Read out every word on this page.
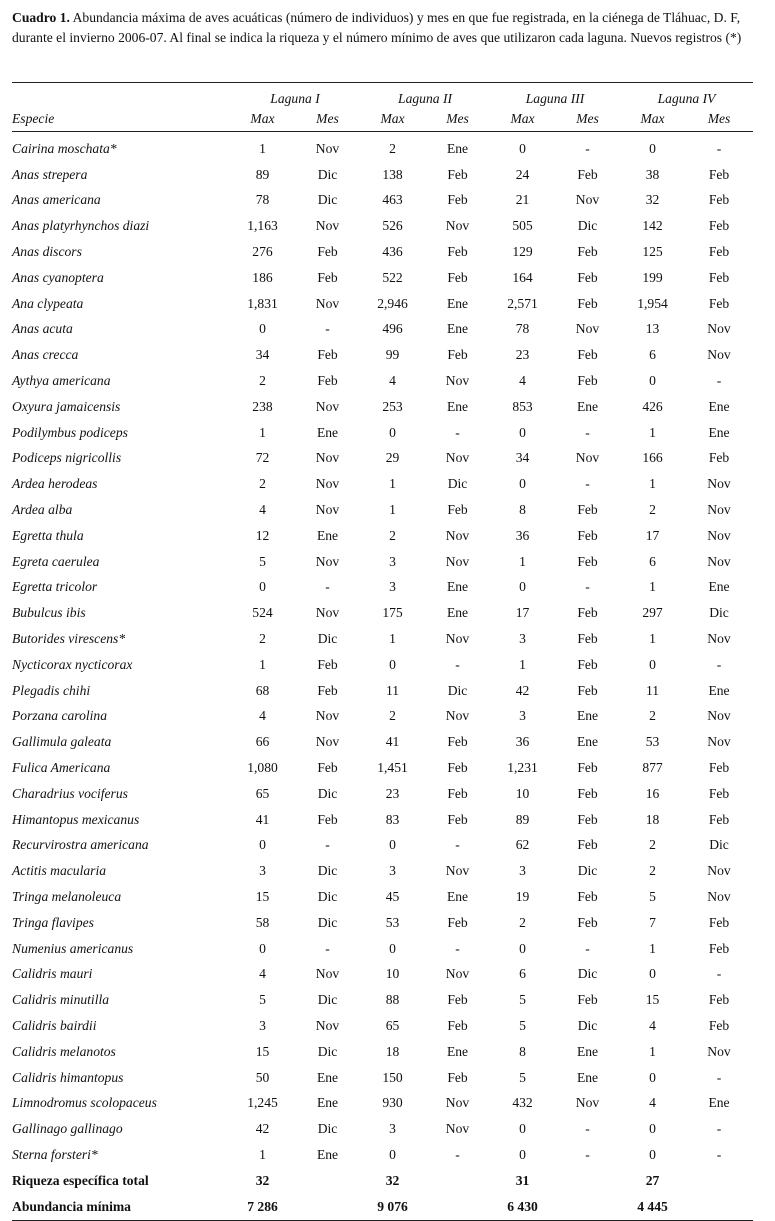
Cuadro 1. Abundancia máxima de aves acuáticas (número de individuos) y mes en que fue registrada, en la ciénega de Tláhuac, D. F, durante el invierno 2006-07. Al final se indica la riqueza y el número mínimo de aves que utilizaron cada laguna. Nuevos registros (*)
	Laguna I		Laguna II		Laguna III		Laguna IV	
Especie	Max	Mes	Max	Mes	Max	Mes	Max	Mes
Cairina moschata*	1	Nov	2	Ene	0	-	0	-
Anas strepera	89	Dic	138	Feb	24	Feb	38	Feb
Anas americana	78	Dic	463	Feb	21	Nov	32	Feb
Anas platyrhynchos diazi	1,163	Nov	526	Nov	505	Dic	142	Feb
Anas discors	276	Feb	436	Feb	129	Feb	125	Feb
Anas cyanoptera	186	Feb	522	Feb	164	Feb	199	Feb
Ana clypeata	1,831	Nov	2,946	Ene	2,571	Feb	1,954	Feb
Anas acuta	0	-	496	Ene	78	Nov	13	Nov
Anas crecca	34	Feb	99	Feb	23	Feb	6	Nov
Aythya americana	2	Feb	4	Nov	4	Feb	0	-
Oxyura jamaicensis	238	Nov	253	Ene	853	Ene	426	Ene
Podilymbus podiceps	1	Ene	0	-	0	-	1	Ene
Podiceps nigricollis	72	Nov	29	Nov	34	Nov	166	Feb
Ardea herodeas	2	Nov	1	Dic	0	-	1	Nov
Ardea alba	4	Nov	1	Feb	8	Feb	2	Nov
Egretta thula	12	Ene	2	Nov	36	Feb	17	Nov
Egreta caerulea	5	Nov	3	Nov	1	Feb	6	Nov
Egretta tricolor	0	-	3	Ene	0	-	1	Ene
Bubulcus ibis	524	Nov	175	Ene	17	Feb	297	Dic
Butorides virescens*	2	Dic	1	Nov	3	Feb	1	Nov
Nycticorax nycticorax	1	Feb	0	-	1	Feb	0	-
Plegadis chihi	68	Feb	11	Dic	42	Feb	11	Ene
Porzana carolina	4	Nov	2	Nov	3	Ene	2	Nov
Gallimula galeata	66	Nov	41	Feb	36	Ene	53	Nov
Fulica Americana	1,080	Feb	1,451	Feb	1,231	Feb	877	Feb
Charadrius vociferus	65	Dic	23	Feb	10	Feb	16	Feb
Himantopus mexicanus	41	Feb	83	Feb	89	Feb	18	Feb
Recurvirostra americana	0	-	0	-	62	Feb	2	Dic
Actitis macularia	3	Dic	3	Nov	3	Dic	2	Nov
Tringa melanoleuca	15	Dic	45	Ene	19	Feb	5	Nov
Tringa flavipes	58	Dic	53	Feb	2	Feb	7	Feb
Numenius americanus	0	-	0	-	0	-	1	Feb
Calidris mauri	4	Nov	10	Nov	6	Dic	0	-
Calidris minutilla	5	Dic	88	Feb	5	Feb	15	Feb
Calidris bairdii	3	Nov	65	Feb	5	Dic	4	Feb
Calidris melanotos	15	Dic	18	Ene	8	Ene	1	Nov
Calidris himantopus	50	Ene	150	Feb	5	Ene	0	-
Limnodromus scolopaceus	1,245	Ene	930	Nov	432	Nov	4	Ene
Gallinago gallinago	42	Dic	3	Nov	0	-	0	-
Sterna forsteri*	1	Ene	0	-	0	-	0	-
Riqueza específica total	32		32		31		27	
Abundancia mínima	7 286		9 076		6 430		4 445	
